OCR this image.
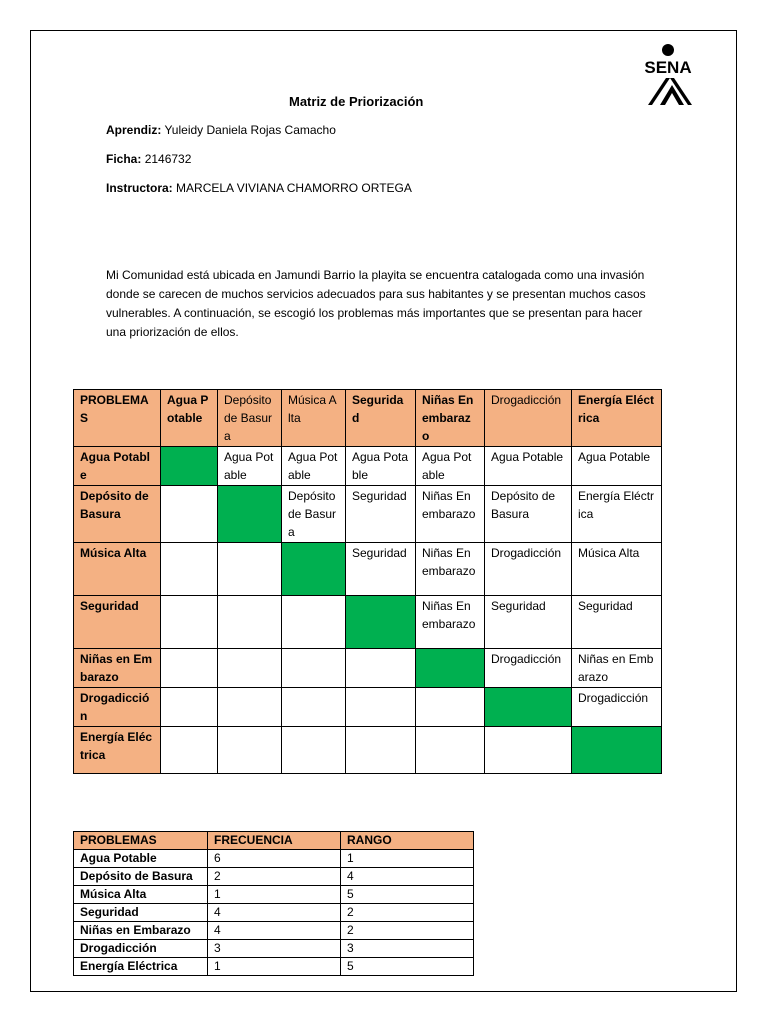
SENA
Matriz de Priorización
Aprendiz: Yuleidy Daniela Rojas Camacho
Ficha: 2146732
Instructora: MARCELA VIVIANA CHAMORRO ORTEGA
Mi Comunidad está ubicada en Jamundi Barrio la playita se encuentra catalogada como una invasión donde se carecen de muchos servicios adecuados para sus habitantes y se presentan muchos casos vulnerables. A continuación, se escogió los problemas más importantes que se presentan para hacer una priorización de ellos.
PROBLEMAS	Agua Potable	Depósito de Basura	Música Alta	Seguridad	Niñas En embarazo	Drogadicción	Energía Eléctrica
Agua Potable		Agua Potable	Agua Potable	Agua Potable	Agua Potable	Agua Potable	Agua Potable
Depósito de Basura			Depósito de Basura	Seguridad	Niñas En embarazo	Depósito de Basura	Energía Eléctrica
Música Alta				Seguridad	Niñas En embarazo	Drogadicción	Música Alta
Seguridad					Niñas En embarazo	Seguridad	Seguridad
Niñas en Embarazo						Drogadicción	Niñas en Embarazo
Drogadicción							Drogadicción
Energía Eléctrica							
PROBLEMAS	FRECUENCIA	RANGO
Agua Potable	6	1
Depósito de Basura	2	4
Música Alta	1	5
Seguridad	4	2
Niñas en Embarazo	4	2
Drogadicción	3	3
Energía Eléctrica	1	5
